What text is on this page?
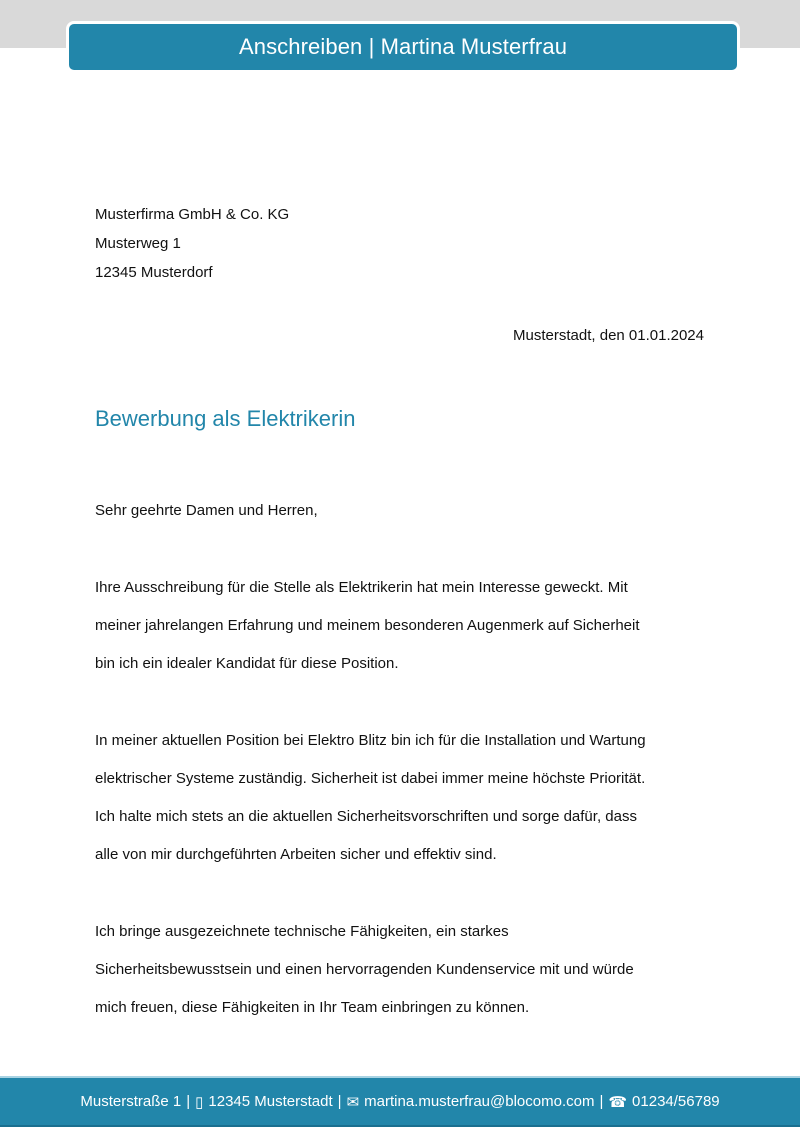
Anschreiben | Martina Musterfrau
Musterfirma GmbH & Co. KG
Musterweg 1
12345 Musterdorf
Musterstadt, den 01.01.2024
Bewerbung als Elektrikerin
Sehr geehrte Damen und Herren,
Ihre Ausschreibung für die Stelle als Elektrikerin hat mein Interesse geweckt. Mit
meiner jahrelangen Erfahrung und meinem besonderen Augenmerk auf Sicherheit
bin ich ein idealer Kandidat für diese Position.
In meiner aktuellen Position bei Elektro Blitz bin ich für die Installation und Wartung
elektrischer Systeme zuständig. Sicherheit ist dabei immer meine höchste Priorität.
Ich halte mich stets an die aktuellen Sicherheitsvorschriften und sorge dafür, dass
alle von mir durchgeführten Arbeiten sicher und effektiv sind.
Ich bringe ausgezeichnete technische Fähigkeiten, ein starkes
Sicherheitsbewusstsein und einen hervorragenden Kundenservice mit und würde
mich freuen, diese Fähigkeiten in Ihr Team einbringen zu können.
Musterstraße 1 | ▯ 12345 Musterstadt | ✉ martina.musterfrau@blocomo.com | ☎ 01234/56789
